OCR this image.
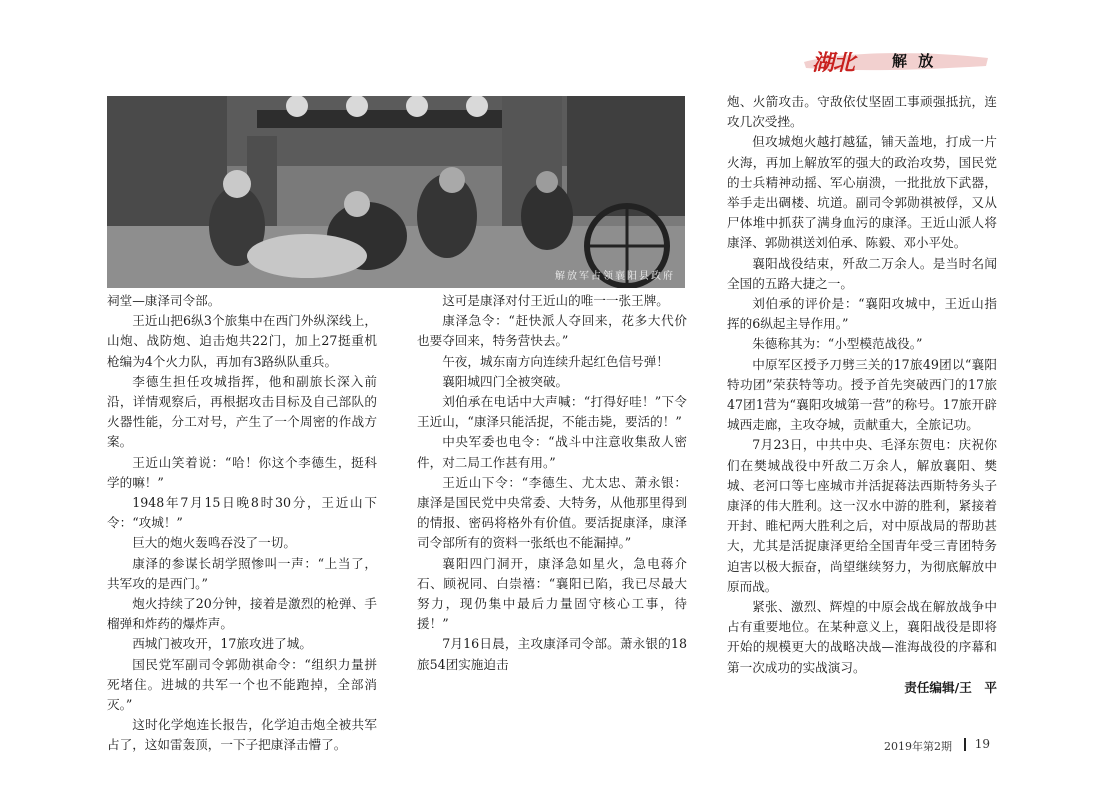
湖北	解 放
解放军占领襄阳县政府

祠堂—康泽司令部。

王近山把6纵3个旅集中在西门外纵深线上，山炮、战防炮、迫击炮共22门，加上27挺重机枪编为4个火力队，再加有3路纵队重兵。

李德生担任攻城指挥，他和副旅长深入前沿，详情观察后，再根据攻击目标及自己部队的火器性能，分工对号，产生了一个周密的作战方案。

王近山笑着说：“哈！你这个李德生，挺科学的嘛！”

1948年7月15日晚8时30分，王近山下令：“攻城！”

巨大的炮火轰鸣吞没了一切。

康泽的参谋长胡学照惨叫一声：“上当了，共军攻的是西门。”

炮火持续了20分钟，接着是激烈的枪弹、手榴弹和炸药的爆炸声。

西城门被攻开，17旅攻进了城。

国民党军副司令郭勋祺命令：“组织力量拼死堵住。进城的共军一个也不能跑掉，全部消灭。”

这时化学炮连长报告，化学迫击炮全被共军占了，这如雷轰顶，一下子把康泽击懵了。

这可是康泽对付王近山的唯一一张王牌。

康泽急令：“赶快派人夺回来，花多大代价也要夺回来，特务营快去。”

午夜，城东南方向连续升起红色信号弹！

襄阳城四门全被突破。

刘伯承在电话中大声喊：“打得好哇！”下令王近山，“康泽只能活捉，不能击毙，要活的！”

中央军委也电令：“战斗中注意收集敌人密件，对二局工作甚有用。”

王近山下令：“李德生、尤太忠、萧永银：康泽是国民党中央常委、大特务，从他那里得到的情报、密码将格外有价值。要活捉康泽，康泽司令部所有的资料一张纸也不能漏掉。”

襄阳四门洞开，康泽急如星火，急电蒋介石、顾祝同、白崇禧：“襄阳已陷，我已尽最大努力，现仍集中最后力量固守核心工事，待援！”

7月16日晨，主攻康泽司令部。萧永银的18旅54团实施迫击

炮、火箭攻击。守敌依仗坚固工事顽强抵抗，连攻几次受挫。

但攻城炮火越打越猛，铺天盖地，打成一片火海，再加上解放军的强大的政治攻势，国民党的士兵精神动摇、军心崩溃，一批批放下武器，举手走出碉楼、坑道。副司令郭勋祺被俘，又从尸体堆中抓获了满身血污的康泽。王近山派人将康泽、郭勋祺送刘伯承、陈毅、邓小平处。

襄阳战役结束，歼敌二万余人。是当时名闻全国的五路大捷之一。

刘伯承的评价是：“襄阳攻城中，王近山指挥的6纵起主导作用。”

朱德称其为：“小型模范战役。”

中原军区授予刀劈三关的17旅49团以“襄阳特功团”荣获特等功。授予首先突破西门的17旅47团1营为“襄阳攻城第一营”的称号。17旅开辟城西走廊，主攻夺城，贡献重大，全旅记功。

7月23日，中共中央、毛泽东贺电：庆祝你们在樊城战役中歼敌二万余人，解放襄阳、樊城、老河口等七座城市并活捉蒋法西斯特务头子康泽的伟大胜利。这一汉水中游的胜利，紧接着开封、睢杞两大胜利之后，对中原战局的帮助甚大，尤其是活捉康泽更给全国青年受三青团特务迫害以极大振奋，尚望继续努力，为彻底解放中原而战。

紧张、激烈、辉煌的中原会战在解放战争中占有重要地位。在某种意义上，襄阳战役是即将开始的规模更大的战略决战—淮海战役的序幕和第一次成功的实战演习。

责任编辑/王　平

2019年第2期 19
